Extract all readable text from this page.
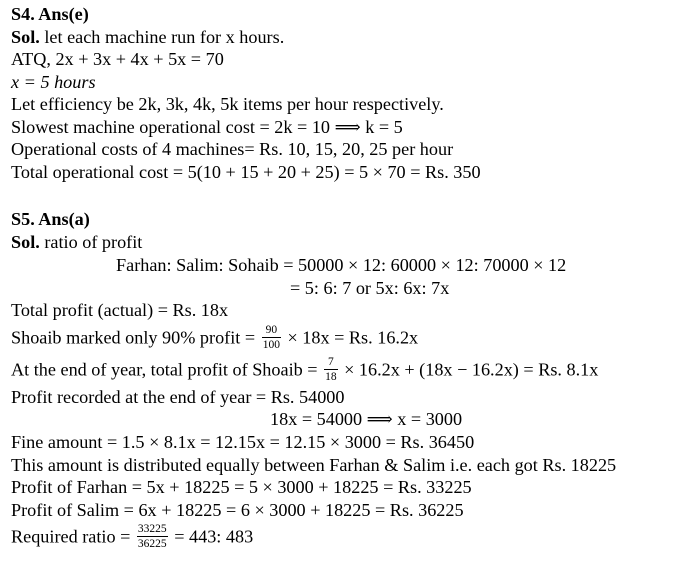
S4. Ans(e)
Sol. let each machine run for x hours.
ATQ, 2x + 3x + 4x + 5x = 70
x = 5 hours
Let efficiency be 2k, 3k, 4k, 5k items per hour respectively.
Slowest machine operational cost = 2k = 10 ⟹ k = 5
Operational costs of 4 machines= Rs. 10, 15, 20, 25 per hour
Total operational cost = 5(10 + 15 + 20 + 25) = 5 × 70 = Rs. 350
S5. Ans(a)
Sol. ratio of profit
Farhan: Salim: Sohaib = 50000 × 12: 60000 × 12: 70000 × 12
= 5: 6: 7 or 5x: 6x: 7x
Total profit (actual) = Rs. 18x
Shoaib marked only 90% profit = $\frac{90}{100} \times 18x = Rs$. 16.2x
At the end of year, total profit of Shoaib = $\frac{7}{18} \times 16.2x + (18x - 16.2x) = Rs$. 8.1x
Profit recorded at the end of year = Rs. 54000
18x = 54000 ⟹ x = 3000
Fine amount = 1.5 × 8.1x = 12.15x = 12.15 × 3000 = Rs. 36450
This amount is distributed equally between Farhan & Salim i.e. each got Rs. 18225
Profit of Farhan = 5x + 18225 = 5 × 3000 + 18225 = Rs. 33225
Profit of Salim = 6x + 18225 = 6 × 3000 + 18225 = Rs. 36225
Required ratio = $\frac{33225}{36225} = 443$: 483
